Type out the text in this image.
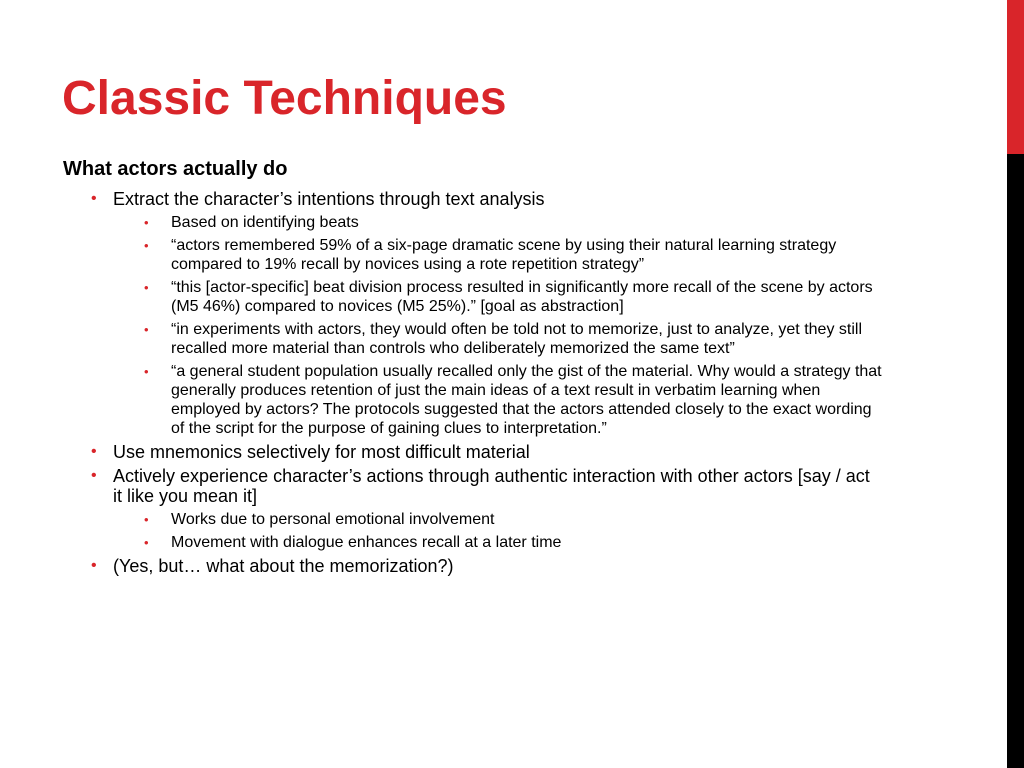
Classic Techniques
What actors actually do
• Extract the character’s intentions through text analysis
• Based on identifying beats
• “actors remembered 59% of a six-page dramatic scene by using their natural learning strategy compared to 19% recall by novices using a rote repetition strategy”
• “this [actor-specific] beat division process resulted in significantly more recall of the scene by actors (M5 46%) compared to novices (M5 25%).” [goal as abstraction]
• “in experiments with actors, they would often be told not to memorize, just to analyze, yet they still recalled more material than controls who deliberately memorized the same text”
• “a general student population usually recalled only the gist of the material. Why would a strategy that generally produces retention of just the main ideas of a text result in verbatim learning when employed by actors? The protocols suggested that the actors attended closely to the exact wording of the script for the purpose of gaining clues to interpretation.”
• Use mnemonics selectively for most difficult material
• Actively experience character’s actions through authentic interaction with other actors [say / act it like you mean it]
• Works due to personal emotional involvement
• Movement with dialogue enhances recall at a later time
• (Yes, but… what about the memorization?)
